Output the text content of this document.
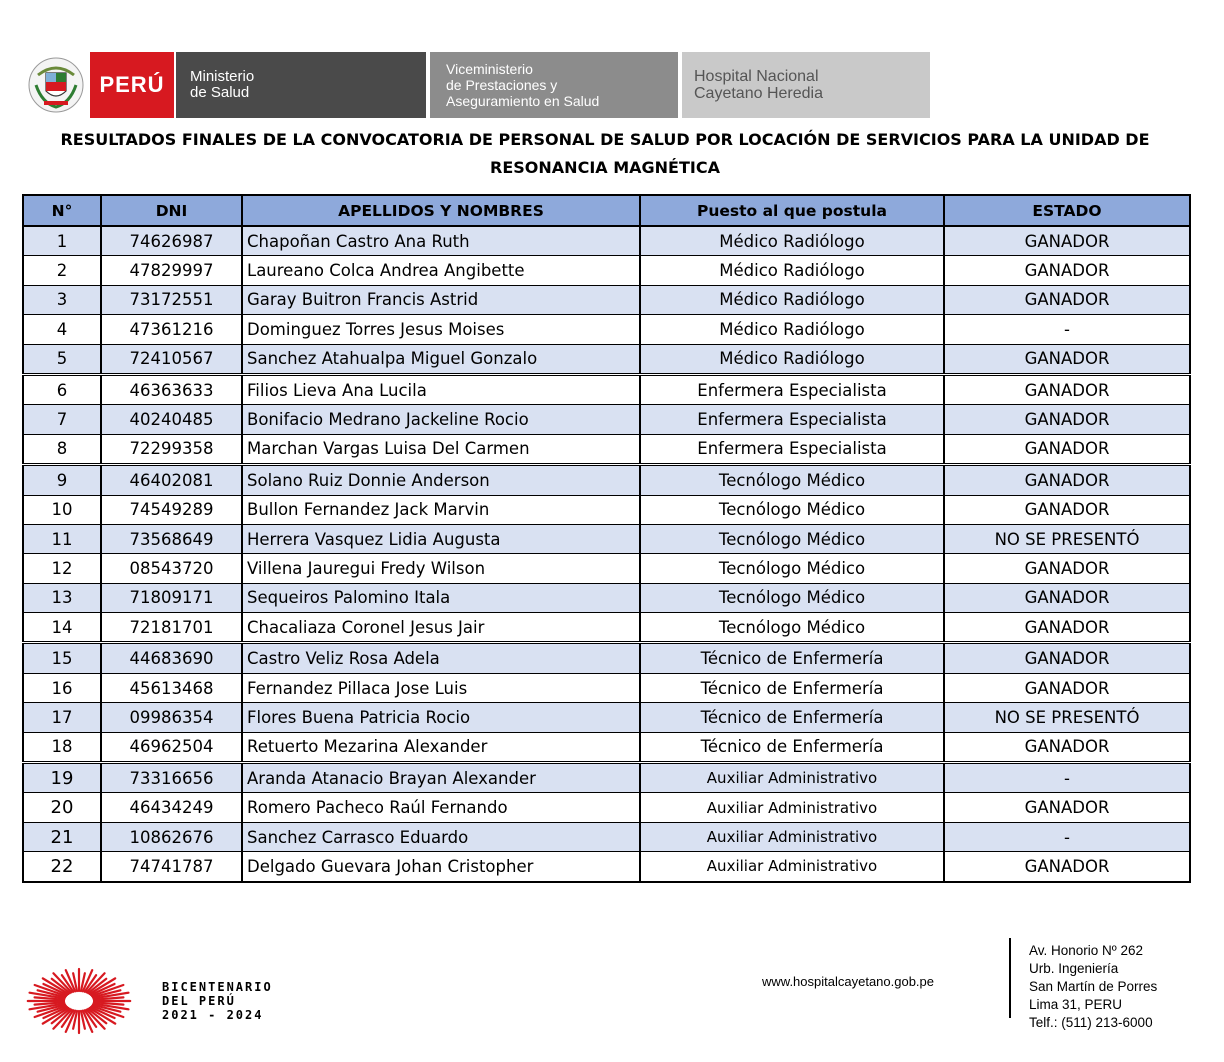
PERÚ	Ministerio
de Salud
Viceministerio
de Prestaciones y
Aseguramiento en Salud
Hospital Nacional
Cayetano Heredia
RESULTADOS FINALES DE LA CONVOCATORIA DE PERSONAL DE SALUD POR LOCACIÓN DE SERVICIOS PARA LA UNIDAD DE
RESONANCIA MAGNÉTICA
N°	DNI	APELLIDOS Y NOMBRES	Puesto al que postula	ESTADO
1	74626987	Chapoñan Castro Ana Ruth	Médico Radiólogo	GANADOR
2	47829997	Laureano Colca Andrea Angibette	Médico Radiólogo	GANADOR
3	73172551	Garay Buitron Francis Astrid	Médico Radiólogo	GANADOR
4	47361216	Dominguez Torres Jesus Moises	Médico Radiólogo	-
5	72410567	Sanchez Atahualpa Miguel Gonzalo	Médico Radiólogo	GANADOR
6	46363633	Filios Lieva Ana Lucila	Enfermera Especialista	GANADOR
7	40240485	Bonifacio Medrano Jackeline Rocio	Enfermera Especialista	GANADOR
8	72299358	Marchan Vargas Luisa Del Carmen	Enfermera Especialista	GANADOR
9	46402081	Solano Ruiz Donnie Anderson	Tecnólogo Médico	GANADOR
10	74549289	Bullon Fernandez Jack Marvin	Tecnólogo Médico	GANADOR
11	73568649	Herrera Vasquez Lidia Augusta	Tecnólogo Médico	NO SE PRESENTÓ
12	08543720	Villena Jauregui Fredy Wilson	Tecnólogo Médico	GANADOR
13	71809171	Sequeiros Palomino Itala	Tecnólogo Médico	GANADOR
14	72181701	Chacaliaza Coronel Jesus Jair	Tecnólogo Médico	GANADOR
15	44683690	Castro Veliz Rosa Adela	Técnico de Enfermería	GANADOR
16	45613468	Fernandez Pillaca Jose Luis	Técnico de Enfermería	GANADOR
17	09986354	Flores Buena Patricia Rocio	Técnico de Enfermería	NO SE PRESENTÓ
18	46962504	Retuerto Mezarina Alexander	Técnico de Enfermería	GANADOR
19	73316656	Aranda Atanacio Brayan Alexander	Auxiliar Administrativo	-
20	46434249	Romero Pacheco Raúl Fernando	Auxiliar Administrativo	GANADOR
21	10862676	Sanchez Carrasco Eduardo	Auxiliar Administrativo	-
22	74741787	Delgado Guevara Johan Cristopher	Auxiliar Administrativo	GANADOR
BICENTENARIO
DEL PERÚ
2021 - 2024
www.hospitalcayetano.gob.pe
Av. Honorio Nº 262
Urb. Ingeniería
San Martín de Porres
Lima 31, PERU
Telf.: (511) 213-6000
